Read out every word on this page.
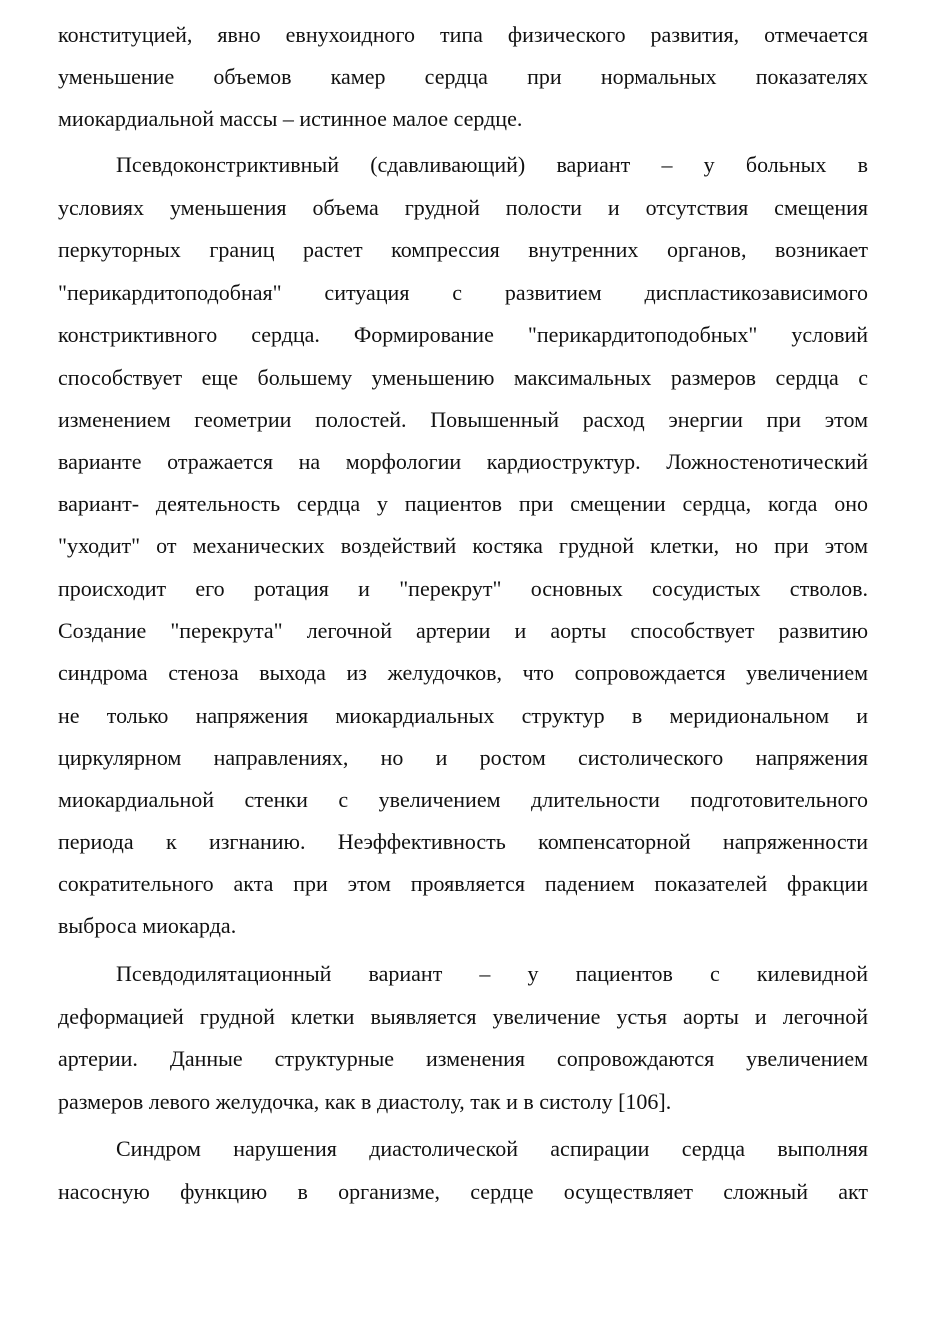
конституцией, явно евнухоидного типа физического развития, отмечается
уменьшение объемов камер сердца при нормальных показателях
миокардиальной массы – истинное малое сердце.
Псевдоконстриктивный (сдавливающий) вариант – у больных в
условиях уменьшения объема грудной полости и отсутствия смещения
перкуторных границ растет компрессия внутренних органов, возникает
"перикардитоподобная" ситуация с развитием диспластикозависимого
констриктивного сердца. Формирование "перикардитоподобных" условий
способствует еще большему уменьшению максимальных размеров сердца с
изменением геометрии полостей. Повышенный расход энергии при этом
варианте отражается на морфологии кардиоструктур. Ложностенотический
вариант- деятельность сердца у пациентов при смещении сердца, когда оно
"уходит" от механических воздействий костяка грудной клетки, но при этом
происходит его ротация и "перекрут" основных сосудистых стволов.
Создание "перекрута" легочной артерии и аорты способствует развитию
синдрома стеноза выхода из желудочков, что сопровождается увеличением
не только напряжения миокардиальных структур в меридиональном и
циркулярном направлениях, но и ростом систолического напряжения
миокардиальной стенки с увеличением длительности подготовительного
периода к изгнанию. Неэффективность компенсаторной напряженности
сократительного акта при этом проявляется падением показателей фракции
выброса миокарда.
Псевдодилятационный вариант – у пациентов с килевидной
деформацией грудной клетки выявляется увеличение устья аорты и легочной
артерии. Данные структурные изменения сопровождаются увеличением
размеров левого желудочка, как в диастолу, так и в систолу [106].
Синдром нарушения диастолической аспирации сердца выполняя
насосную функцию в организме, сердце осуществляет сложный акт
